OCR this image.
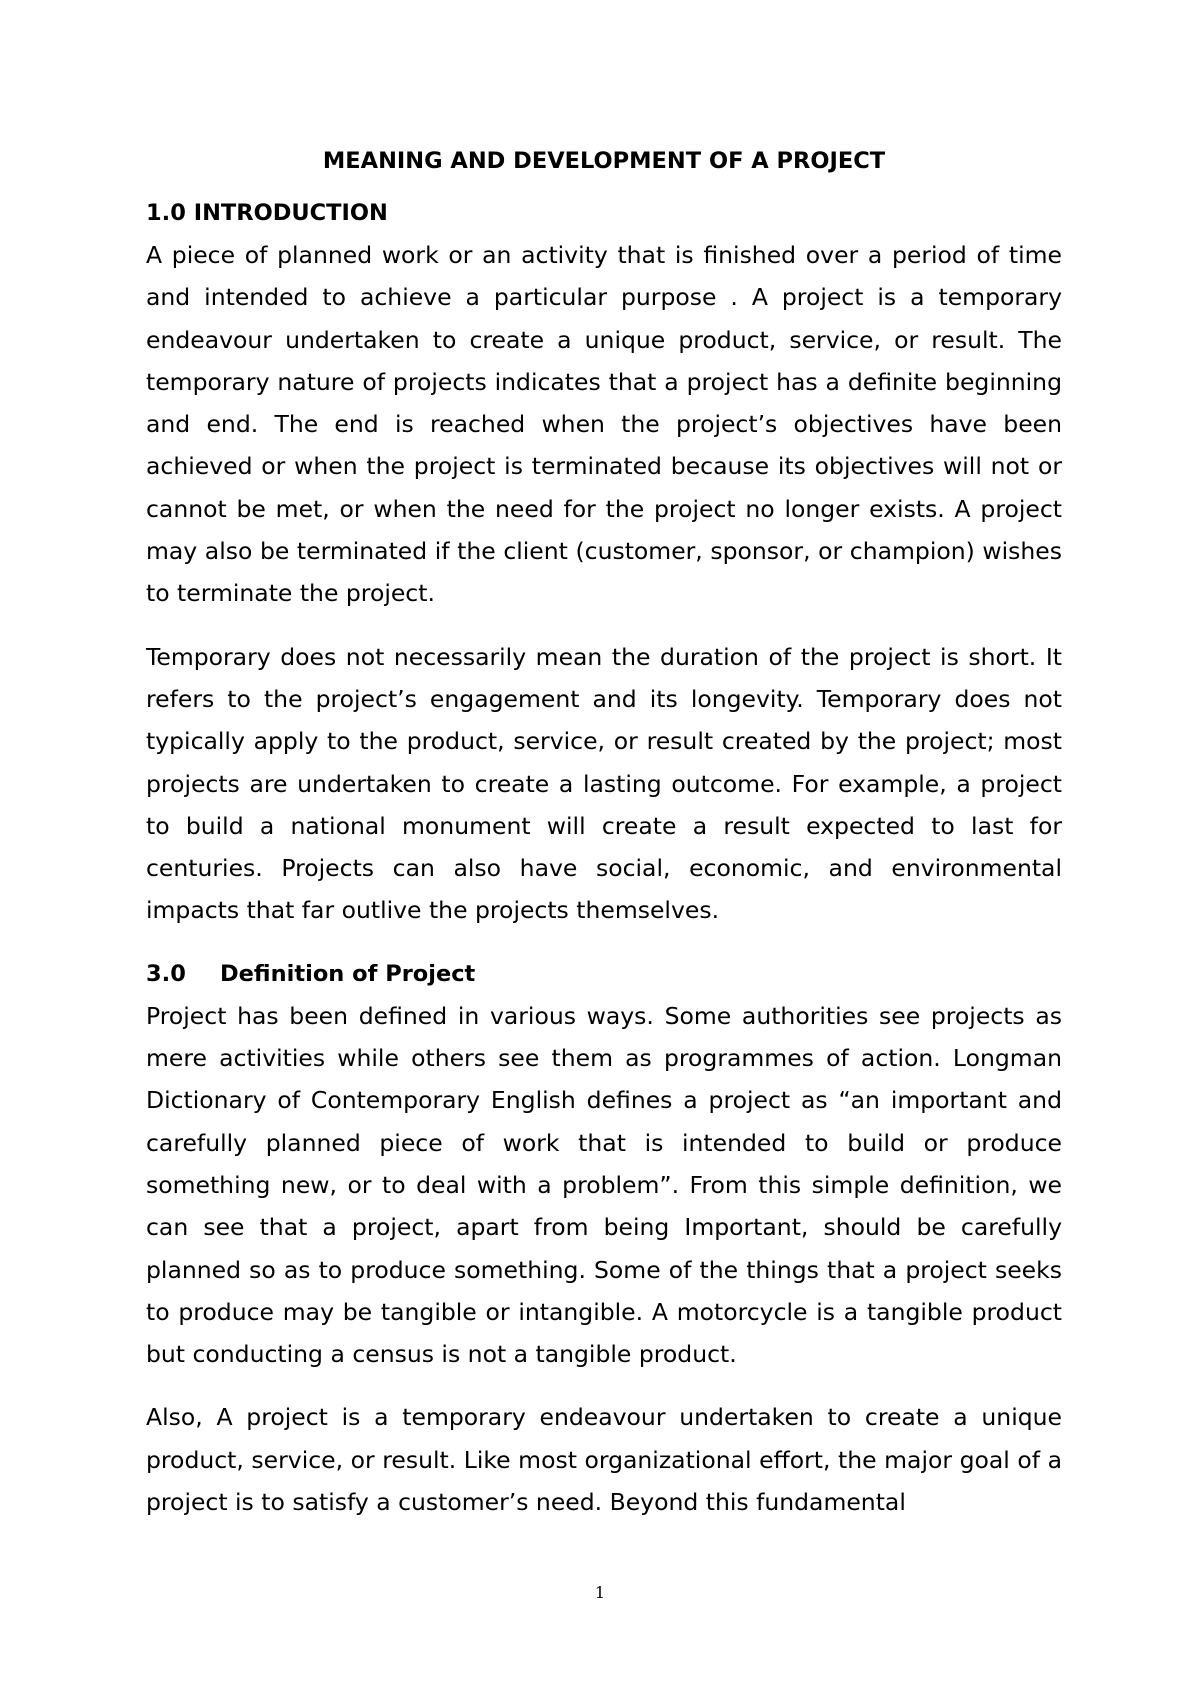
MEANING AND DEVELOPMENT OF A PROJECT

1.0 INTRODUCTION

A piece of planned work or an activity that is finished over a period of time and intended to achieve a particular purpose . A project is a temporary endeavour undertaken to create a unique product, service, or result. The temporary nature of projects indicates that a project has a definite beginning and end. The end is reached when the project’s objectives have been achieved or when the project is terminated because its objectives will not or cannot be met, or when the need for the project no longer exists. A project may also be terminated if the client (customer, sponsor, or champion) wishes to terminate the project.

Temporary does not necessarily mean the duration of the project is short. It refers to the project’s engagement and its longevity. Temporary does not typically apply to the product, service, or result created by the project; most projects are undertaken to create a lasting outcome. For example, a project to build a national monument will create a result expected to last for centuries. Projects can also have social, economic, and environmental impacts that far outlive the projects themselves.

3.0 Definition of Project

Project has been defined in various ways. Some authorities see projects as mere activities while others see them as programmes of action. Longman Dictionary of Contemporary English defines a project as “an important and carefully planned piece of work that is intended to build or produce something new, or to deal with a problem”. From this simple definition, we can see that a project, apart from being Important, should be carefully planned so as to produce something. Some of the things that a project seeks to produce may be tangible or intangible. A motorcycle is a tangible product but conducting a census is not a tangible product.

Also, A project is a temporary endeavour undertaken to create a unique product, service, or result. Like most organizational effort, the major goal of a project is to satisfy a customer’s need. Beyond this fundamental

1
